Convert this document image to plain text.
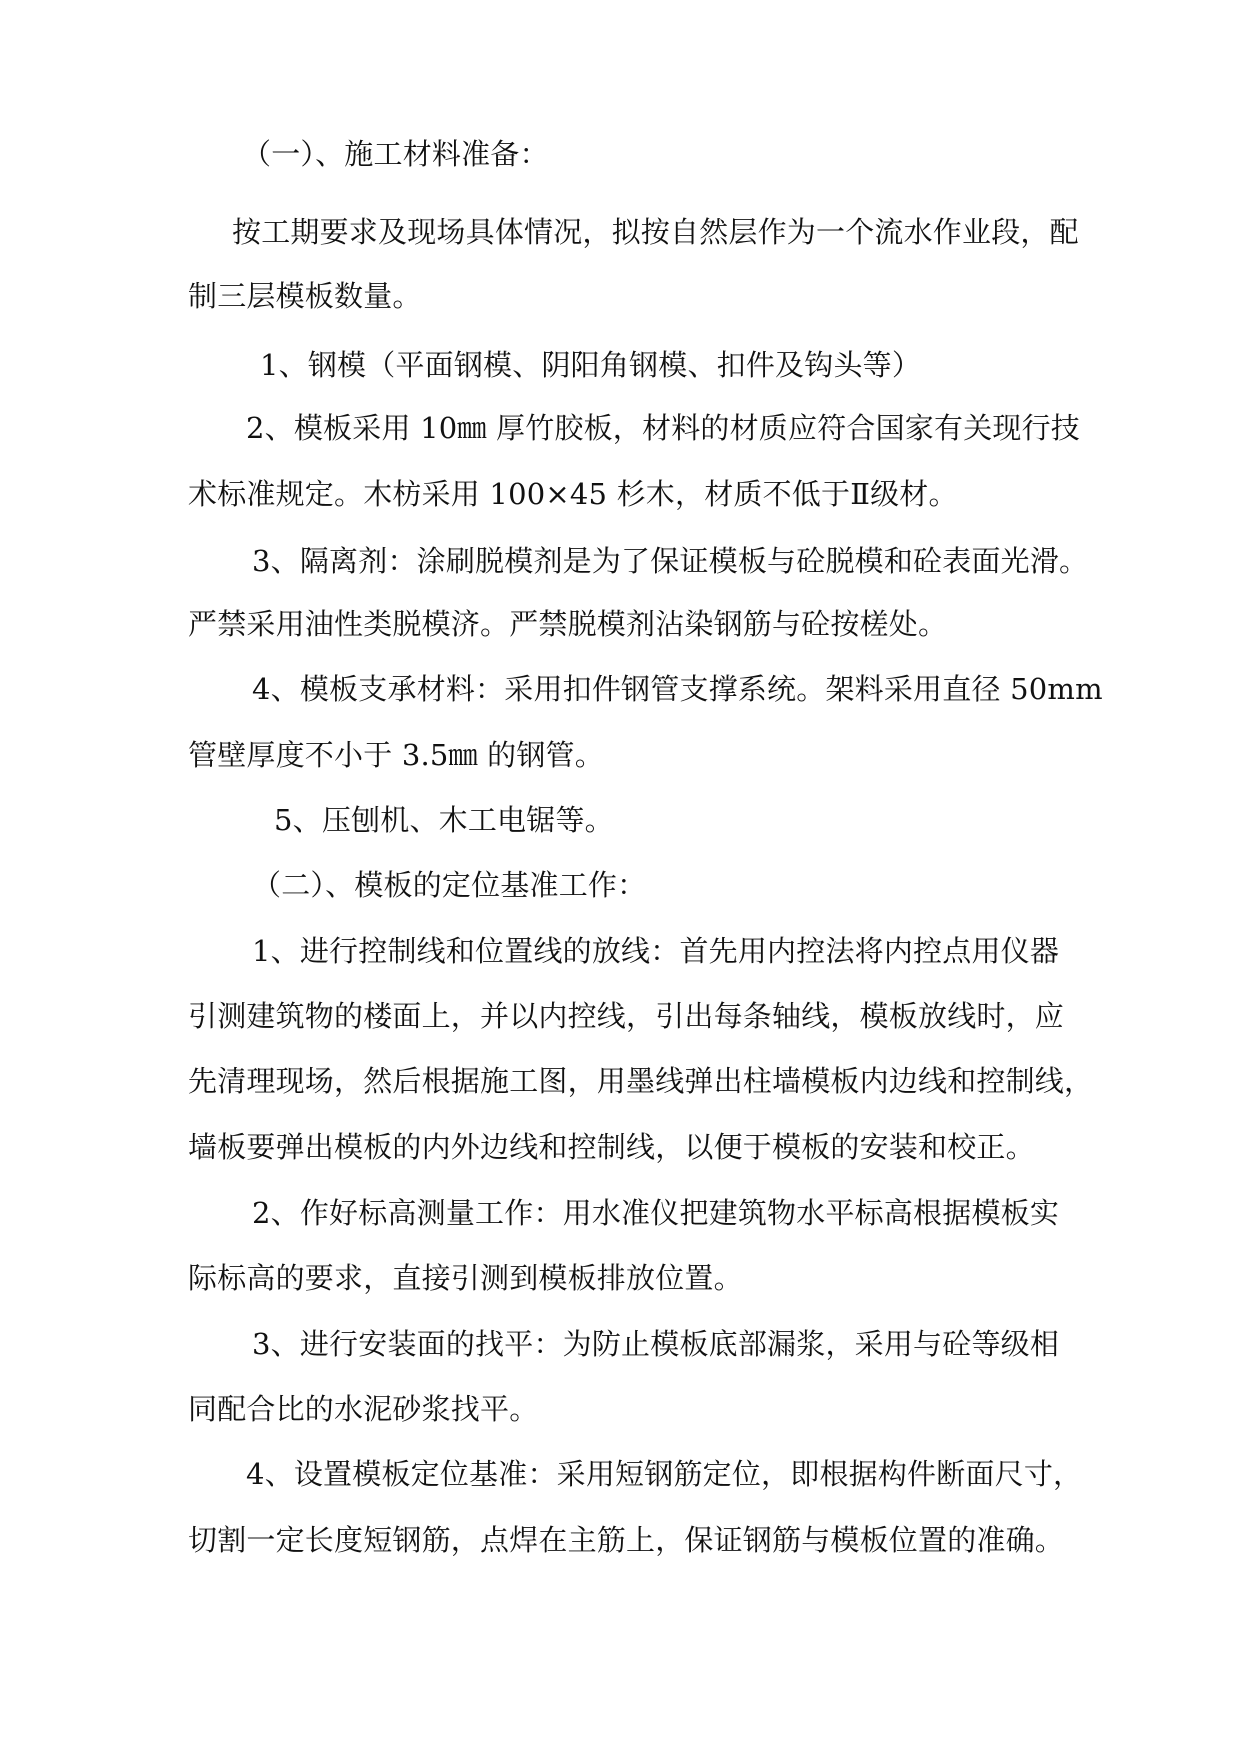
（一）、施工材料准备：
按工期要求及现场具体情况，拟按自然层作为一个流水作业段，配
制三层模板数量。
1、钢模（平面钢模、阴阳角钢模、扣件及钩头等）
2、模板采用 10㎜ 厚竹胶板，材料的材质应符合国家有关现行技
术标准规定。木枋采用 100×45 杉木，材质不低于Ⅱ级材。
3、隔离剂：涂刷脱模剂是为了保证模板与砼脱模和砼表面光滑。
严禁采用油性类脱模济。严禁脱模剂沾染钢筋与砼按槎处。
4、模板支承材料：采用扣件钢管支撑系统。架料采用直径 50mm
管壁厚度不小于 3.5㎜ 的钢管。
5、压刨机、木工电锯等。
（二）、模板的定位基准工作：
1、进行控制线和位置线的放线：首先用内控法将内控点用仪器
引测建筑物的楼面上，并以内控线，引出每条轴线，模板放线时，应
先清理现场，然后根据施工图，用墨线弹出柱墙模板内边线和控制线，
墙板要弹出模板的内外边线和控制线，以便于模板的安装和校正。
2、作好标高测量工作：用水准仪把建筑物水平标高根据模板实
际标高的要求，直接引测到模板排放位置。
3、进行安装面的找平：为防止模板底部漏浆，采用与砼等级相
同配合比的水泥砂浆找平。
4、设置模板定位基准：采用短钢筋定位，即根据构件断面尺寸，
切割一定长度短钢筋，点焊在主筋上，保证钢筋与模板位置的准确。
